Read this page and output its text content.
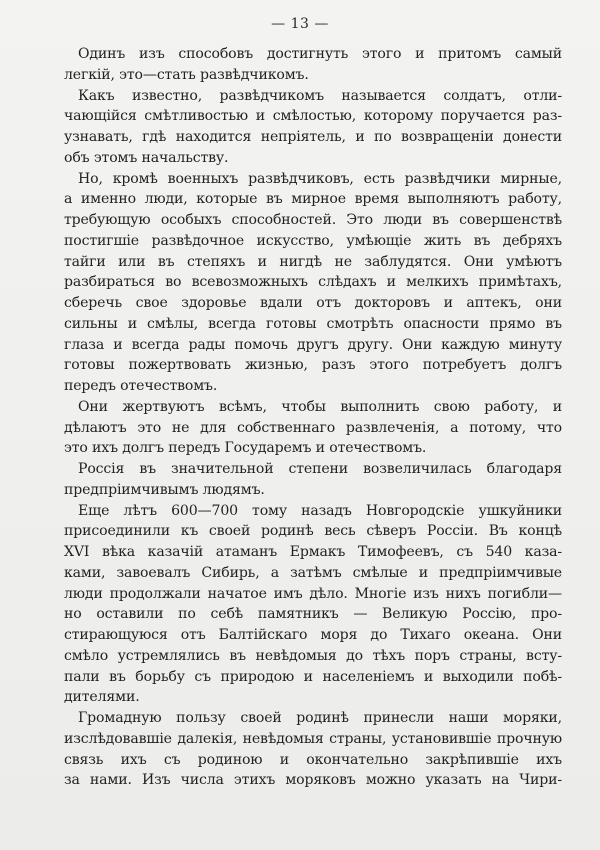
— 13 —
Одинъ изъ способовъ достигнуть этого и притомъ самый
легкій, это—стать развѣдчикомъ.
Какъ известно, развѣдчикомъ называется солдатъ, отли-
чающійся смѣтливостью и смѣлостью, которому поручается раз-
узнавать, гдѣ находится непріятель, и по возвращеніи донести
объ этомъ начальству.
Но, кромѣ военныхъ развѣдчиковъ, есть развѣдчики мирные,
а именно люди, которые въ мирное время выполняютъ работу,
требующую особыхъ способностей. Это люди въ совершенствѣ
постигшіе развѣдочное искусство, умѣющіе жить въ дебряхъ
тайги или въ степяхъ и нигдѣ не заблудятся. Они умѣютъ
разбираться во всевозможныхъ слѣдахъ и мелкихъ примѣтахъ,
сберечь свое здоровье вдали отъ докторовъ и аптекъ, они
сильны и смѣлы, всегда готовы смотрѣть опасности прямо въ
глаза и всегда рады помочь другъ другу. Они каждую минуту
готовы пожертвовать жизнью, разъ этого потребуетъ долгъ
передъ отечествомъ.
Они жертвуютъ всѣмъ, чтобы выполнить свою работу, и
дѣлаютъ это не для собственнаго развлеченія, а потому, что
это ихъ долгъ передъ Государемъ и отечествомъ.
Россія въ значительной степени возвеличилась благодаря
предпріимчивымъ людямъ.
Еще лѣтъ 600—700 тому назадъ Новгородскіе ушкуйники
присоединили къ своей родинѣ весь сѣверъ Россіи. Въ концѣ
XVI вѣка казачій атаманъ Ермакъ Тимофеевъ, съ 540 каза-
ками, завоевалъ Сибирь, а затѣмъ смѣлые и предпріимчивые
люди продолжали начатое имъ дѣло. Многіе изъ нихъ погибли—
но оставили по себѣ памятникъ — Великую Россію, про-
стирающуюся отъ Балтійскаго моря до Тихаго океана. Они
смѣло устремлялись въ невѣдомыя до тѣхъ поръ страны, всту-
пали въ борьбу съ природою и населеніемъ и выходили побѣ-
дителями.
Громадную пользу своей родинѣ принесли наши моряки,
изслѣдовавшіе далекія, невѣдомыя страны, установившіе прочную
связь ихъ съ родиною и окончательно закрѣпившіе ихъ
за нами. Изъ числа этихъ моряковъ можно указать на Чири-
